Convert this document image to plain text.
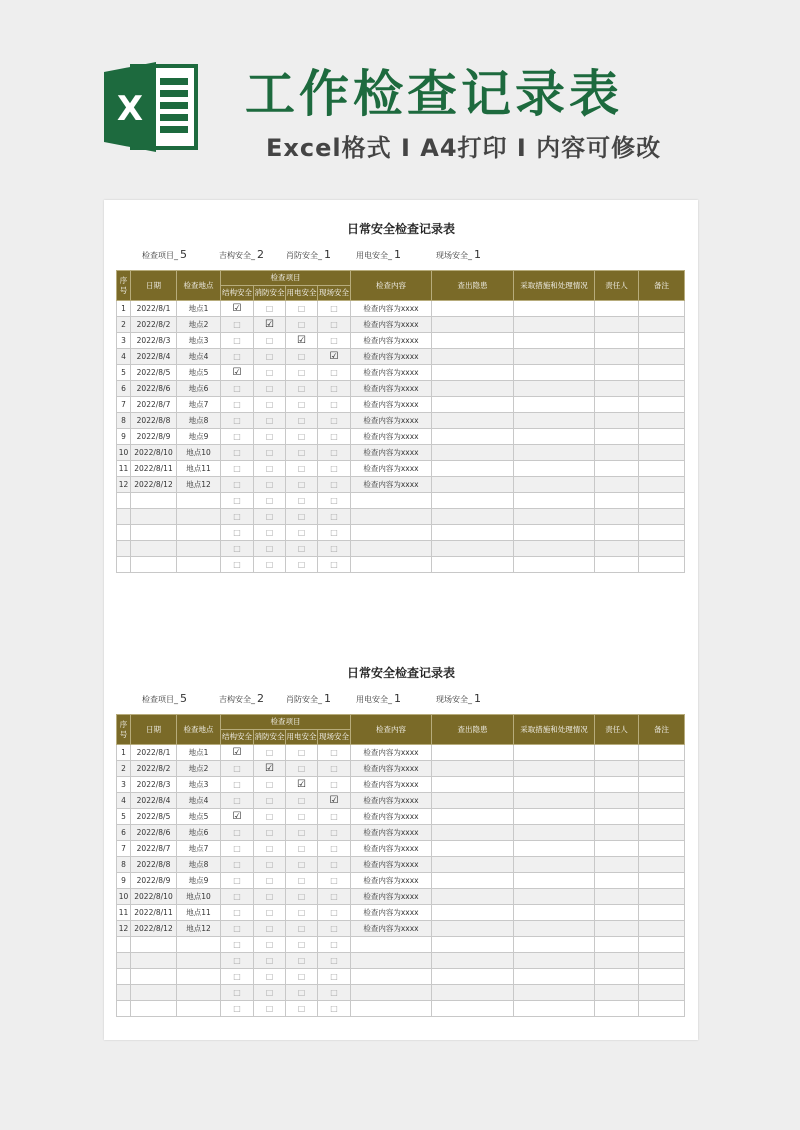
X 工作检查记录表
Excel格式 I A4打印 I 内容可修改
日常安全检查记录表
检查项目_ 5	吉构安全_ 2	肖防安全_ 1	用电安全_ 1	现场安全_ 1
序号	日期	检查地点	检查项目				检查内容	查出隐患	采取措施和处理情况	责任人	备注
			结构安全	消防安全	用电安全	现场安全					
1	2022/8/1	地点1	☑	□	□	□	检查内容为xxxx				
2	2022/8/2	地点2	□	☑	□	□	检查内容为xxxx				
3	2022/8/3	地点3	□	□	☑	□	检查内容为xxxx				
4	2022/8/4	地点4	□	□	□	☑	检查内容为xxxx				
5	2022/8/5	地点5	☑	□	□	□	检查内容为xxxx				
6	2022/8/6	地点6	□	□	□	□	检查内容为xxxx				
7	2022/8/7	地点7	□	□	□	□	检查内容为xxxx				
8	2022/8/8	地点8	□	□	□	□	检查内容为xxxx				
9	2022/8/9	地点9	□	□	□	□	检查内容为xxxx				
10	2022/8/10	地点10	□	□	□	□	检查内容为xxxx				
11	2022/8/11	地点11	□	□	□	□	检查内容为xxxx				
12	2022/8/12	地点12	□	□	□	□	检查内容为xxxx				
			□	□	□	□					
			□	□	□	□					
			□	□	□	□					
			□	□	□	□					
			□	□	□	□					
日常安全检查记录表
检查项目_ 5	吉构安全_ 2	肖防安全_ 1	用电安全_ 1	现场安全_ 1
序号	日期	检查地点	检查项目				检查内容	查出隐患	采取措施和处理情况	责任人	备注
			结构安全	消防安全	用电安全	现场安全					
1	2022/8/1	地点1	☑	□	□	□	检查内容为xxxx				
2	2022/8/2	地点2	□	☑	□	□	检查内容为xxxx				
3	2022/8/3	地点3	□	□	☑	□	检查内容为xxxx				
4	2022/8/4	地点4	□	□	□	☑	检查内容为xxxx				
5	2022/8/5	地点5	☑	□	□	□	检查内容为xxxx				
6	2022/8/6	地点6	□	□	□	□	检查内容为xxxx				
7	2022/8/7	地点7	□	□	□	□	检查内容为xxxx				
8	2022/8/8	地点8	□	□	□	□	检查内容为xxxx				
9	2022/8/9	地点9	□	□	□	□	检查内容为xxxx				
10	2022/8/10	地点10	□	□	□	□	检查内容为xxxx				
11	2022/8/11	地点11	□	□	□	□	检查内容为xxxx				
12	2022/8/12	地点12	□	□	□	□	检查内容为xxxx				
			□	□	□	□					
			□	□	□	□					
			□	□	□	□					
			□	□	□	□					
			□	□	□	□					
